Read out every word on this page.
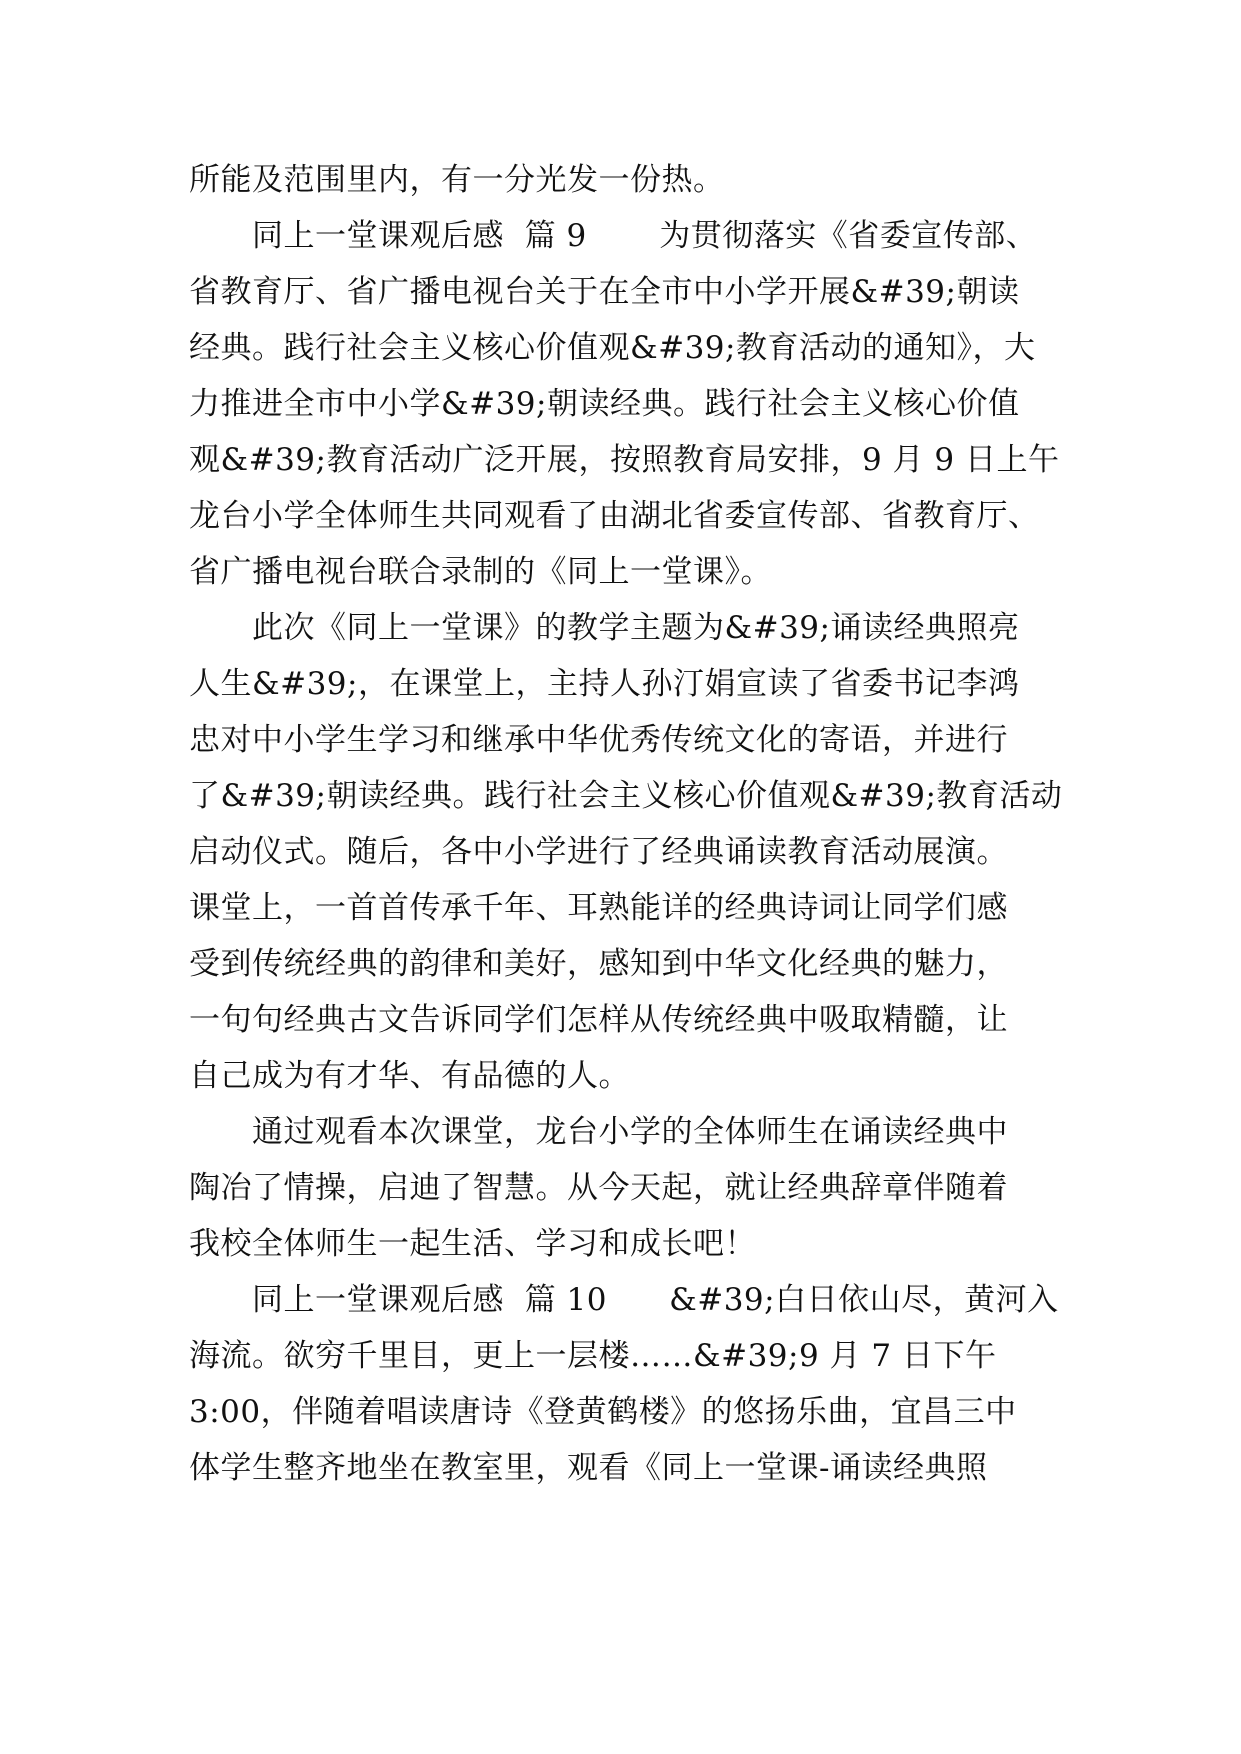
所能及范围里内，有一分光发一份热。
同上一堂课观后感  篇 9       为贯彻落实《省委宣传部、
省教育厅、省广播电视台关于在全市中小学开展&#39;朝读
经典。践行社会主义核心价值观&#39;教育活动的通知》，大
力推进全市中小学&#39;朝读经典。践行社会主义核心价值
观&#39;教育活动广泛开展，按照教育局安排，9 月 9 日上午
龙台小学全体师生共同观看了由湖北省委宣传部、省教育厅、
省广播电视台联合录制的《同上一堂课》。
此次《同上一堂课》的教学主题为&#39;诵读经典照亮
人生&#39;，在课堂上，主持人孙汀娟宣读了省委书记李鸿
忠对中小学生学习和继承中华优秀传统文化的寄语，并进行
了&#39;朝读经典。践行社会主义核心价值观&#39;教育活动
启动仪式。随后，各中小学进行了经典诵读教育活动展演。
课堂上，一首首传承千年、耳熟能详的经典诗词让同学们感
受到传统经典的韵律和美好，感知到中华文化经典的魅力，
一句句经典古文告诉同学们怎样从传统经典中吸取精髓，让
自己成为有才华、有品德的人。
通过观看本次课堂，龙台小学的全体师生在诵读经典中
陶冶了情操，启迪了智慧。从今天起，就让经典辞章伴随着
我校全体师生一起生活、学习和成长吧！
同上一堂课观后感  篇 10      &#39;白日依山尽，黄河入
海流。欲穷千里目，更上一层楼……&#39;9 月 7 日下午
3:00，伴随着唱读唐诗《登黄鹤楼》的悠扬乐曲，宜昌三中
体学生整齐地坐在教室里，观看《同上一堂课-诵读经典照
